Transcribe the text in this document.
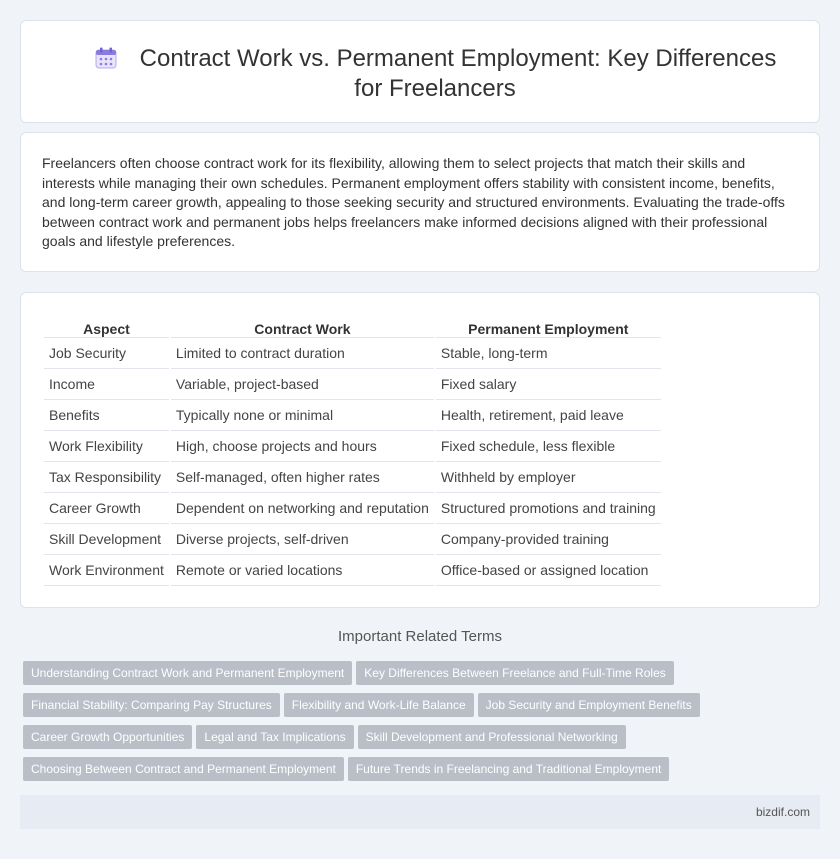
Contract Work vs. Permanent Employment: Key Differences for Freelancers

Freelancers often choose contract work for its flexibility, allowing them to select projects that match their skills and interests while managing their own schedules. Permanent employment offers stability with consistent income, benefits, and long-term career growth, appealing to those seeking security and structured environments. Evaluating the trade-offs between contract work and permanent jobs helps freelancers make informed decisions aligned with their professional goals and lifestyle preferences.

Aspect	Contract Work	Permanent Employment
Job Security	Limited to contract duration	Stable, long-term
Income	Variable, project-based	Fixed salary
Benefits	Typically none or minimal	Health, retirement, paid leave
Work Flexibility	High, choose projects and hours	Fixed schedule, less flexible
Tax Responsibility	Self-managed, often higher rates	Withheld by employer
Career Growth	Dependent on networking and reputation	Structured promotions and training
Skill Development	Diverse projects, self-driven	Company-provided training
Work Environment	Remote or varied locations	Office-based or assigned location
Important Related Terms
Understanding Contract Work and Permanent Employment Key Differences Between Freelance and Full-Time Roles
Financial Stability: Comparing Pay Structures Flexibility and Work-Life Balance Job Security and Employment Benefits
Career Growth Opportunities Legal and Tax Implications Skill Development and Professional Networking
Choosing Between Contract and Permanent Employment Future Trends in Freelancing and Traditional Employment
bizdif.com
